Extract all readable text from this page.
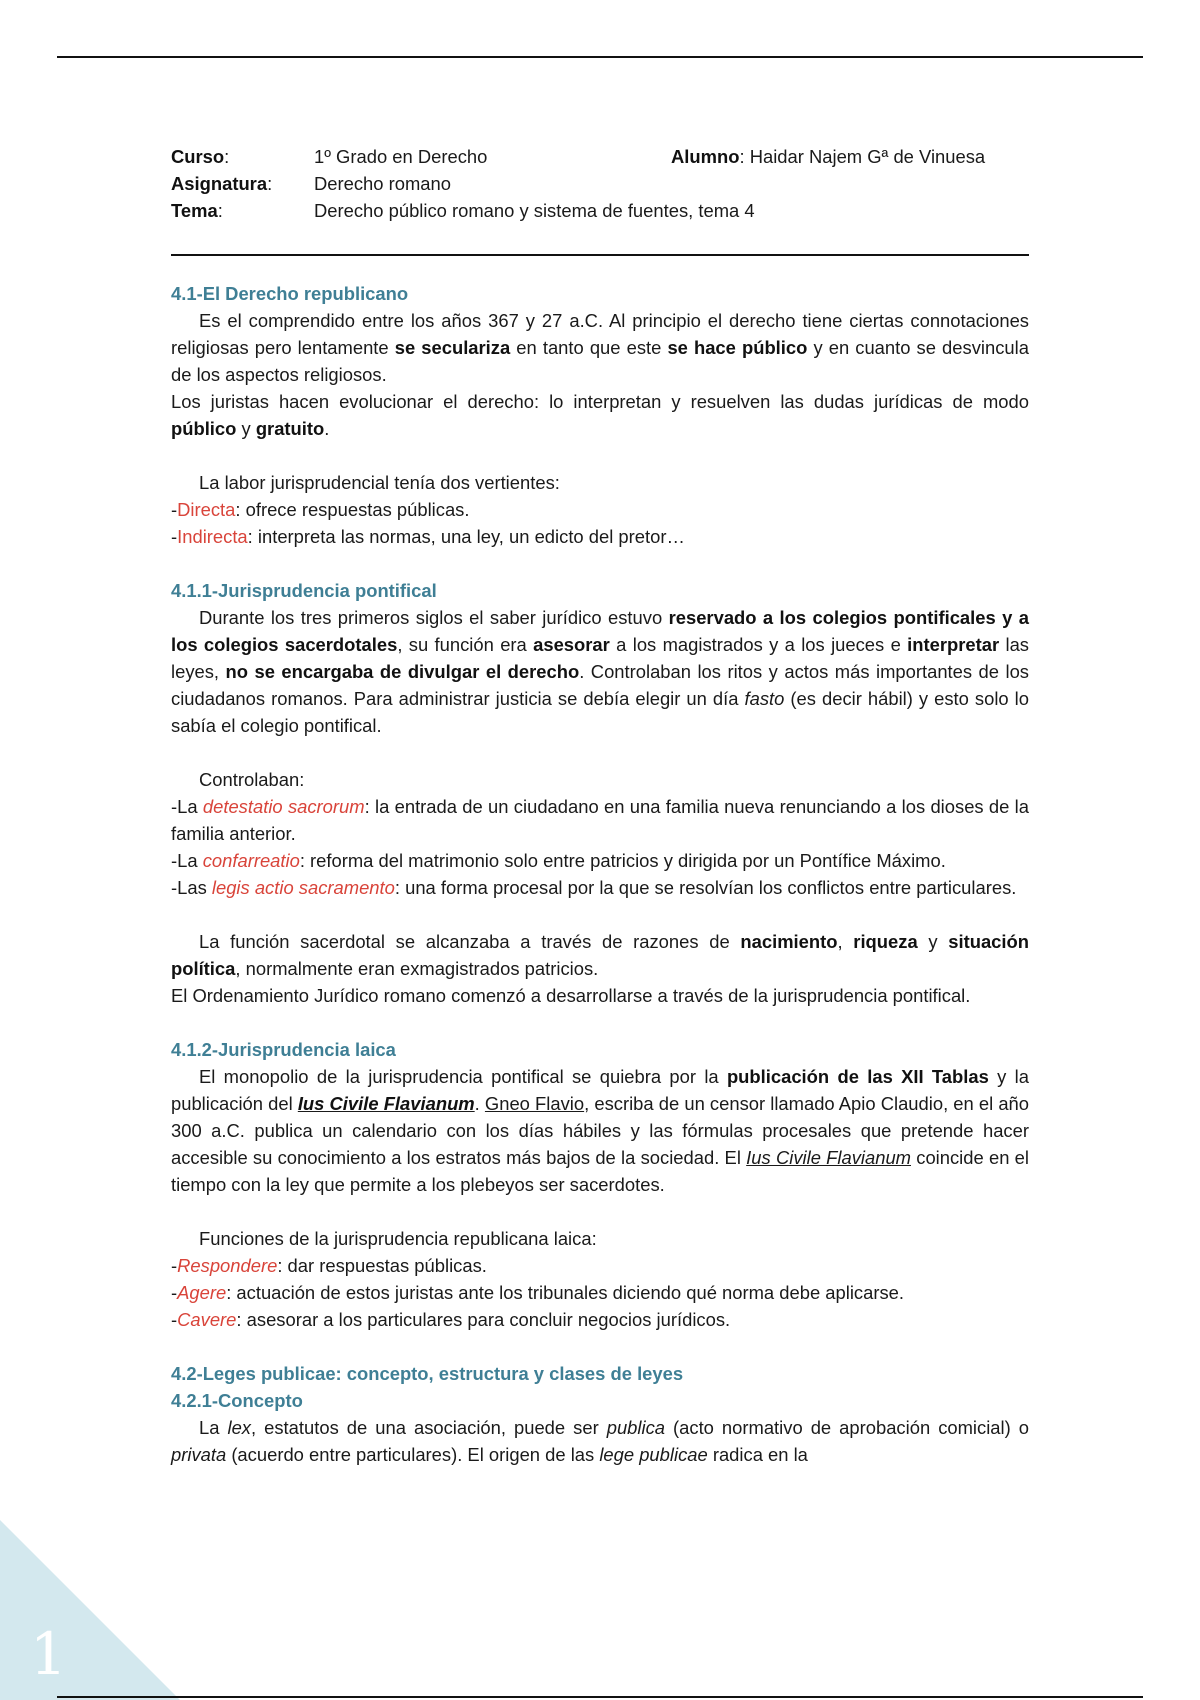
Curso:	1º Grado en Derecho	Alumno: Haidar Najem Gª de Vinuesa
Asignatura: Derecho romano
Tema:	Derecho público romano y sistema de fuentes, tema 4
4.1-El Derecho republicano

Es el comprendido entre los años 367 y 27 a.C. Al principio el derecho tiene ciertas connotaciones religiosas pero lentamente se seculariza en tanto que este se hace público y en cuanto se desvincula de los aspectos religiosos.

Los juristas hacen evolucionar el derecho: lo interpretan y resuelven las dudas jurídicas de modo público y gratuito.

La labor jurisprudencial tenía dos vertientes:

-Directa: ofrece respuestas públicas.

-Indirecta: interpreta las normas, una ley, un edicto del pretor…

4.1.1-Jurisprudencia pontifical

Durante los tres primeros siglos el saber jurídico estuvo reservado a los colegios pontificales y a los colegios sacerdotales, su función era asesorar a los magistrados y a los jueces e interpretar las leyes, no se encargaba de divulgar el derecho. Controlaban los ritos y actos más importantes de los ciudadanos romanos. Para administrar justicia se debía elegir un día fasto (es decir hábil) y esto solo lo sabía el colegio pontifical.

Controlaban:

-La detestatio sacrorum: la entrada de un ciudadano en una familia nueva renunciando a los dioses de la familia anterior.

-La confarreatio: reforma del matrimonio solo entre patricios y dirigida por un Pontífice Máximo.

-Las legis actio sacramento: una forma procesal por la que se resolvían los conflictos entre particulares.

La función sacerdotal se alcanzaba a través de razones de nacimiento, riqueza y situación política, normalmente eran exmagistrados patricios.

El Ordenamiento Jurídico romano comenzó a desarrollarse a través de la jurisprudencia pontifical.

4.1.2-Jurisprudencia laica

El monopolio de la jurisprudencia pontifical se quiebra por la publicación de las XII Tablas y la publicación del Ius Civile Flavianum. Gneo Flavio, escriba de un censor llamado Apio Claudio, en el año 300 a.C. publica un calendario con los días hábiles y las fórmulas procesales que pretende hacer accesible su conocimiento a los estratos más bajos de la sociedad. El Ius Civile Flavianum coincide en el tiempo con la ley que permite a los plebeyos ser sacerdotes.

Funciones de la jurisprudencia republicana laica:

-Respondere: dar respuestas públicas.

-Agere: actuación de estos juristas ante los tribunales diciendo qué norma debe aplicarse.

-Cavere: asesorar a los particulares para concluir negocios jurídicos.

4.2-Leges publicae: concepto, estructura y clases de leyes
4.2.1-Concepto

La lex, estatutos de una asociación, puede ser publica (acto normativo de aprobación comicial) o privata (acuerdo entre particulares). El origen de las lege publicae radica en la

1
